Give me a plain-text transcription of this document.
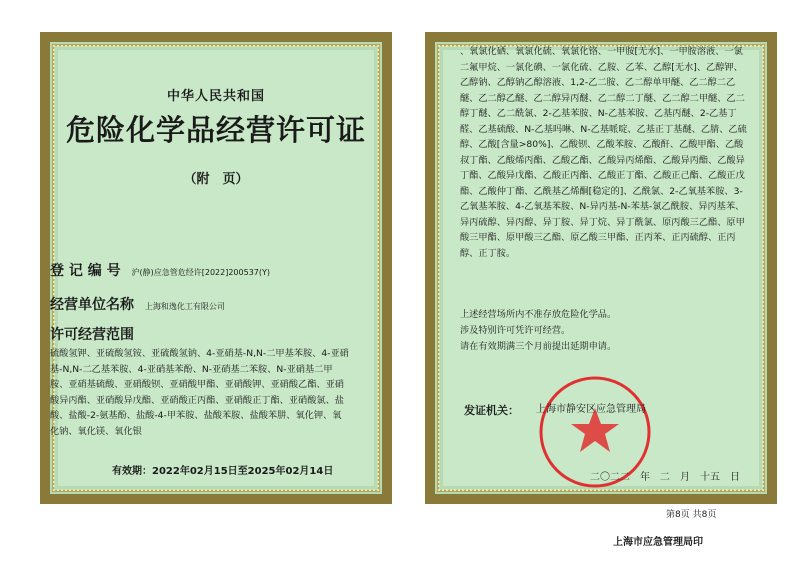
中华人民共和国
危险化学品经营许可证
（附　页）
登 记 编 号 沪(静)应急管危经许[2022]200537(Y)
经营单位名称 上海和逸化工有限公司
许可经营范围
硫酸氢钾、亚硫酸氢铵、亚硫酸氢钠、4-亚硝基-N,N-二甲基苯胺、4-亚硝基-N,N-二乙基苯胺、4-亚硝基苯酚、N-亚硝基二苯胺、N-亚硝基二甲胺、亚硝基硫酸、亚硝酸钡、亚硝酸甲酯、亚硝酸钾、亚硝酸乙酯、亚硝酸异丙酯、亚硝酸异戊酯、亚硝酸正丙酯、亚硝酸正丁酯、亚硝酸氯、盐酸、盐酸-2-氨基酚、盐酸-4-甲苯胺、盐酸苯胺、盐酸苯肼、氧化钾、氧化钠、氧化镁、氧化银
有效期：2022年02月15日至2025年02月14日
、氧氯化硒、氧氯化硫、氧氯化铬、一甲胺[无水]、一甲胺溶液、一氯二氟甲烷、一氯化碘、一氯化硫、乙胺、乙苯、乙醇[无水]、乙醇钾、乙醇钠、乙醇钠乙醇溶液、1,2-乙二胺、乙二醇单甲醚、乙二醇二乙醚、乙二醇乙醚、乙二醇异丙醚、乙二醇二丁醚、乙二醇二甲醚、乙二醇丁醚、乙二酰氯、2-乙基苯胺、N-乙基苯胺、乙基丙醚、2-乙基丁醛、乙基硫酸、N-乙基吗啉、N-乙基哌啶、乙基正丁基醚、乙腈、乙硫醇、乙酸[含量>80%]、乙酸钡、乙酸苯胺、乙酸酐、乙酸甲酯、乙酸叔丁酯、乙酸烯丙酯、乙酸乙酯、乙酸异丙烯酯、乙酸异丙酯、乙酸异丁酯、乙酸异戊酯、乙酸正丙酯、乙酸正丁酯、乙酸正己酯、乙酸正戊酯、乙酸仲丁酯、乙酰基乙烯酮[稳定的]、乙酰氯、2-乙氧基苯胺、3-乙氧基苯胺、4-乙氧基苯胺、N-异丙基-N-苯基-氯乙酰胺、异丙基苯、异丙硫醇、异丙醇、异丁胺、异丁烷、异丁酰氯、原丙酸三乙酯、原甲酸三甲酯、原甲酸三乙酯、原乙酸三甲酯、正丙苯、正丙硫醇、正丙醇、正丁胺。
上述经营场所内不准存放危险化学品。
涉及特别许可凭许可经营。
请在有效期满三个月前提出延期申请。
发证机关： 上海市静安区应急管理局
二〇二二　年　二　月　十五　日
第8页 共8页
上海市应急管理局印
